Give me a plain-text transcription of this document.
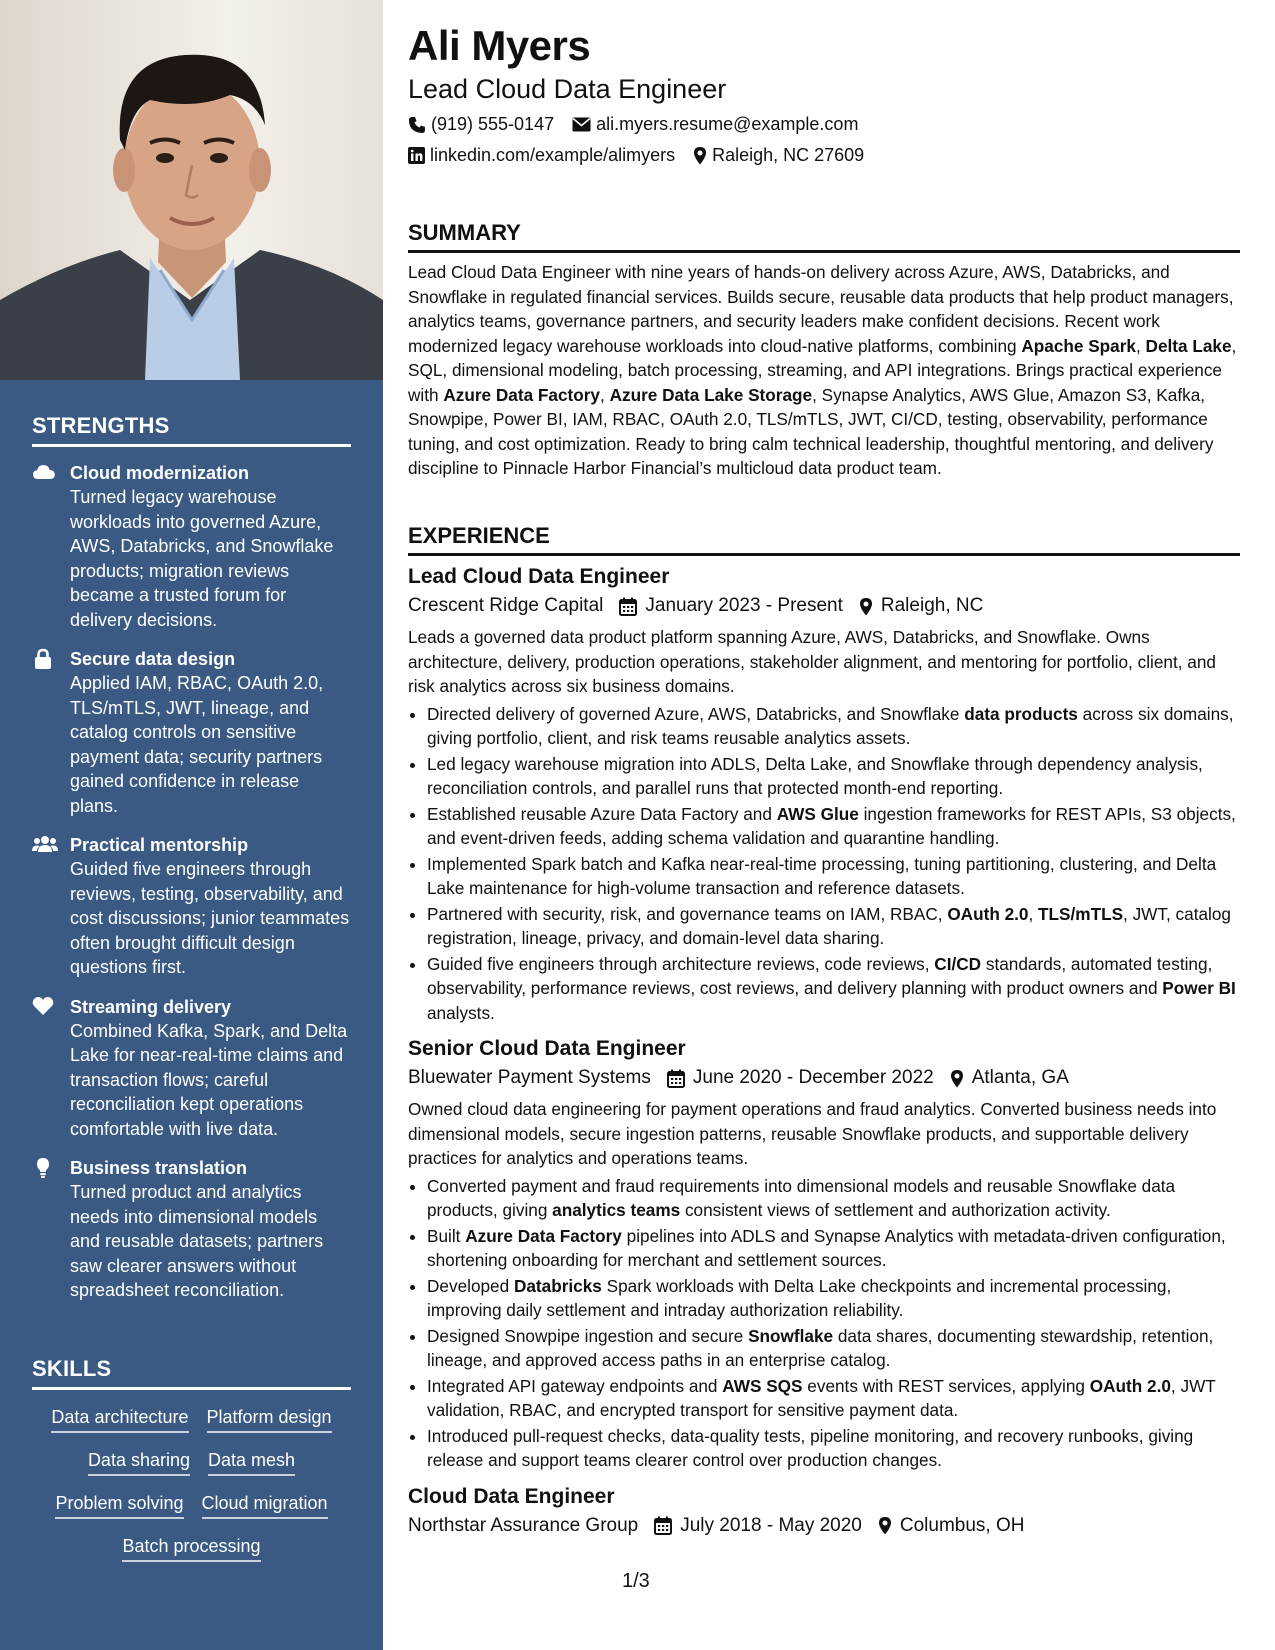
STRENGTHS
Cloud modernization
Turned legacy warehouse workloads into governed Azure, AWS, Databricks, and Snowflake products; migration reviews became a trusted forum for delivery decisions.
Secure data design
Applied IAM, RBAC, OAuth 2.0, TLS/mTLS, JWT, lineage, and catalog controls on sensitive payment data; security partners gained confidence in release plans.
Practical mentorship
Guided five engineers through reviews, testing, observability, and cost discussions; junior teammates often brought difficult design questions first.
Streaming delivery
Combined Kafka, Spark, and Delta Lake for near-real-time claims and transaction flows; careful reconciliation kept operations comfortable with live data.
Business translation
Turned product and analytics needs into dimensional models and reusable datasets; partners saw clearer answers without spreadsheet reconciliation.
SKILLS
Data architecture Platform design
Data sharing Data mesh
Problem solving Cloud migration
Batch processing
Ali Myers
Lead Cloud Data Engineer
(919) 555-0147 ali.myers.resume@example.com
linkedin.com/example/alimyers Raleigh, NC 27609
SUMMARY
Lead Cloud Data Engineer with nine years of hands-on delivery across Azure, AWS, Databricks, and Snowflake in regulated financial services. Builds secure, reusable data products that help product managers, analytics teams, governance partners, and security leaders make confident decisions. Recent work modernized legacy warehouse workloads into cloud-native platforms, combining Apache Spark, Delta Lake, SQL, dimensional modeling, batch processing, streaming, and API integrations. Brings practical experience with Azure Data Factory, Azure Data Lake Storage, Synapse Analytics, AWS Glue, Amazon S3, Kafka, Snowpipe, Power BI, IAM, RBAC, OAuth 2.0, TLS/mTLS, JWT, CI/CD, testing, observability, performance tuning, and cost optimization. Ready to bring calm technical leadership, thoughtful mentoring, and delivery discipline to Pinnacle Harbor Financial’s multicloud data product team.
EXPERIENCE
Lead Cloud Data Engineer
Crescent Ridge Capital January 2023 - Present Raleigh, NC
Leads a governed data product platform spanning Azure, AWS, Databricks, and Snowflake. Owns architecture, delivery, production operations, stakeholder alignment, and mentoring for portfolio, client, and risk analytics across six business domains.
• Directed delivery of governed Azure, AWS, Databricks, and Snowflake data products across six domains, giving portfolio, client, and risk teams reusable analytics assets.
• Led legacy warehouse migration into ADLS, Delta Lake, and Snowflake through dependency analysis, reconciliation controls, and parallel runs that protected month-end reporting.
• Established reusable Azure Data Factory and AWS Glue ingestion frameworks for REST APIs, S3 objects, and event-driven feeds, adding schema validation and quarantine handling.
• Implemented Spark batch and Kafka near-real-time processing, tuning partitioning, clustering, and Delta Lake maintenance for high-volume transaction and reference datasets.
• Partnered with security, risk, and governance teams on IAM, RBAC, OAuth 2.0, TLS/mTLS, JWT, catalog registration, lineage, privacy, and domain-level data sharing.
• Guided five engineers through architecture reviews, code reviews, CI/CD standards, automated testing, observability, performance reviews, cost reviews, and delivery planning with product owners and Power BI analysts.
Senior Cloud Data Engineer
Bluewater Payment Systems June 2020 - December 2022 Atlanta, GA
Owned cloud data engineering for payment operations and fraud analytics. Converted business needs into dimensional models, secure ingestion patterns, reusable Snowflake products, and supportable delivery practices for analytics and operations teams.
• Converted payment and fraud requirements into dimensional models and reusable Snowflake data products, giving analytics teams consistent views of settlement and authorization activity.
• Built Azure Data Factory pipelines into ADLS and Synapse Analytics with metadata-driven configuration, shortening onboarding for merchant and settlement sources.
• Developed Databricks Spark workloads with Delta Lake checkpoints and incremental processing, improving daily settlement and intraday authorization reliability.
• Designed Snowpipe ingestion and secure Snowflake data shares, documenting stewardship, retention, lineage, and approved access paths in an enterprise catalog.
• Integrated API gateway endpoints and AWS SQS events with REST services, applying OAuth 2.0, JWT validation, RBAC, and encrypted transport for sensitive payment data.
• Introduced pull-request checks, data-quality tests, pipeline monitoring, and recovery runbooks, giving release and support teams clearer control over production changes.
Cloud Data Engineer
Northstar Assurance Group July 2018 - May 2020 Columbus, OH
1/3
